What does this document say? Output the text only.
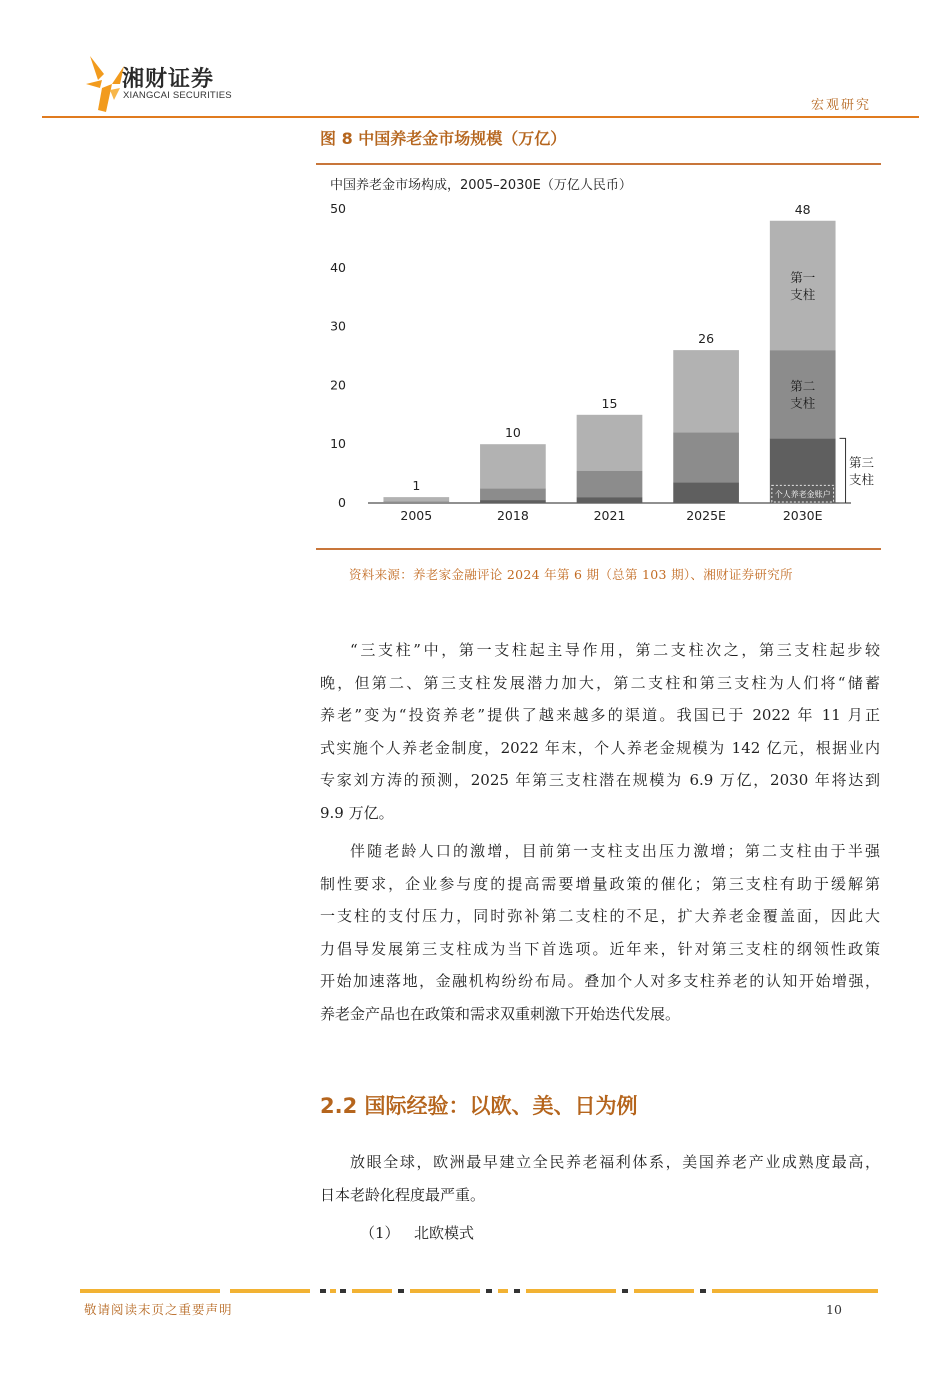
湘财证券
XIANGCAI SECURITIES
宏观研究
图 8 中国养老金市场规模（万亿）
中国养老金市场构成，2005–2030E（万亿人民币）
0
10
20
30
40
50
1
2005
10
2018
15
2021
26
2025E
48
2030E
第一
支柱
第二
支柱
个人养老金账户
第三
支柱
资料来源：养老家金融评论 2024 年第 6 期（总第 103 期）、湘财证券研究所
“三支柱”中，第一支柱起主导作用，第二支柱次之，第三支柱起步较
晚，但第二、第三支柱发展潜力加大，第二支柱和第三支柱为人们将“储蓄
养老”变为“投资养老”提供了越来越多的渠道。我国已于 2022 年 11 月正
式实施个人养老金制度，2022 年末，个人养老金规模为 142 亿元，根据业内
专家刘方涛的预测，2025 年第三支柱潜在规模为 6.9 万亿，2030 年将达到
9.9 万亿。
伴随老龄人口的激增，目前第一支柱支出压力激增；第二支柱由于半强
制性要求，企业参与度的提高需要增量政策的催化；第三支柱有助于缓解第
一支柱的支付压力，同时弥补第二支柱的不足，扩大养老金覆盖面，因此大
力倡导发展第三支柱成为当下首选项。近年来，针对第三支柱的纲领性政策
开始加速落地，金融机构纷纷布局。叠加个人对多支柱养老的认知开始增强，
养老金产品也在政策和需求双重刺激下开始迭代发展。
2.2 国际经验：以欧、美、日为例
放眼全球，欧洲最早建立全民养老福利体系，美国养老产业成熟度最高，
日本老龄化程度最严重。
（1） 北欧模式
敬请阅读末页之重要声明	10
